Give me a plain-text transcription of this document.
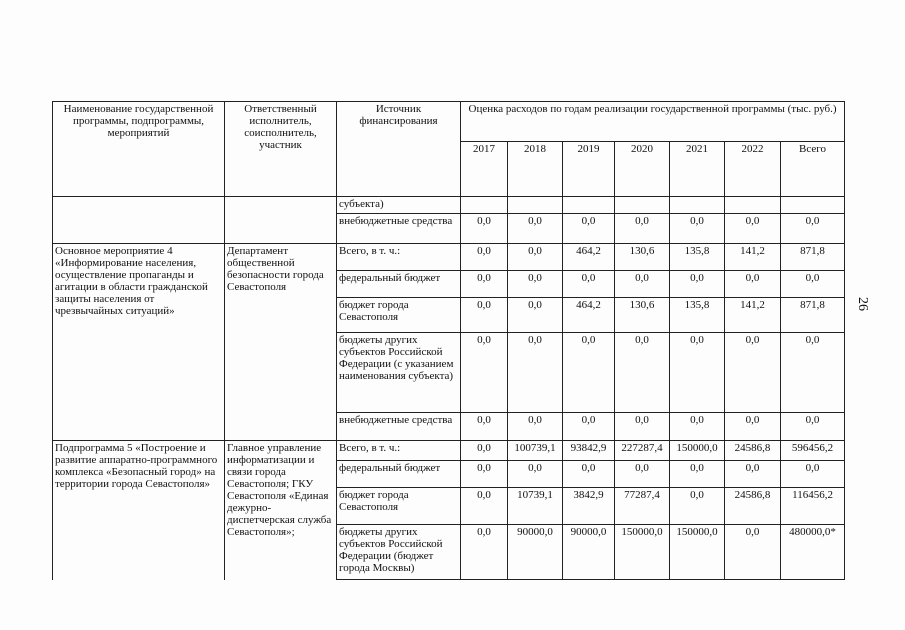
Наименование государственной программы, подпрограммы, мероприятий	Ответственный исполнитель, соисполнитель, участник	Источник финансирования	Оценка расходов по годам реализации государственной программы (тыс. руб.)						
			2017	2018	2019	2020	2021	2022	Всего
		субъекта)							
		внебюджетные средства	0,0	0,0	0,0	0,0	0,0	0,0	0,0
Основное мероприятие 4 «Информирование населения, осуществление пропаганды и агитации в области гражданской защиты населения от чрезвычайных ситуаций»	Департамент общественной безопасности города Севастополя	Всего, в т. ч.:	0,0	0,0	464,2	130,6	135,8	141,2	871,8
		федеральный бюджет	0,0	0,0	0,0	0,0	0,0	0,0	0,0
		бюджет города Севастополя	0,0	0,0	464,2	130,6	135,8	141,2	871,8
		бюджеты других субъектов Российской Федерации (с указанием наименования субъекта)	0,0	0,0	0,0	0,0	0,0	0,0	0,0
		внебюджетные средства	0,0	0,0	0,0	0,0	0,0	0,0	0,0
Подпрограмма 5 «Построение и развитие аппаратно-программного комплекса «Безопасный город» на территории города Севастополя»	Главное управление информатизации и связи города Севастополя; ГКУ Севастополя «Единая дежурно-диспетчерская служба Севастополя»;	Всего, в т. ч.:	0,0	100739,1	93842,9	227287,4	150000,0	24586,8	596456,2
		федеральный бюджет	0,0	0,0	0,0	0,0	0,0	0,0	0,0
		бюджет города Севастополя	0,0	10739,1	3842,9	77287,4	0,0	24586,8	116456,2
		бюджеты других субъектов Российской Федерации (бюджет города Москвы)	0,0	90000,0	90000,0	150000,0	150000,0	0,0	480000,0*
26
